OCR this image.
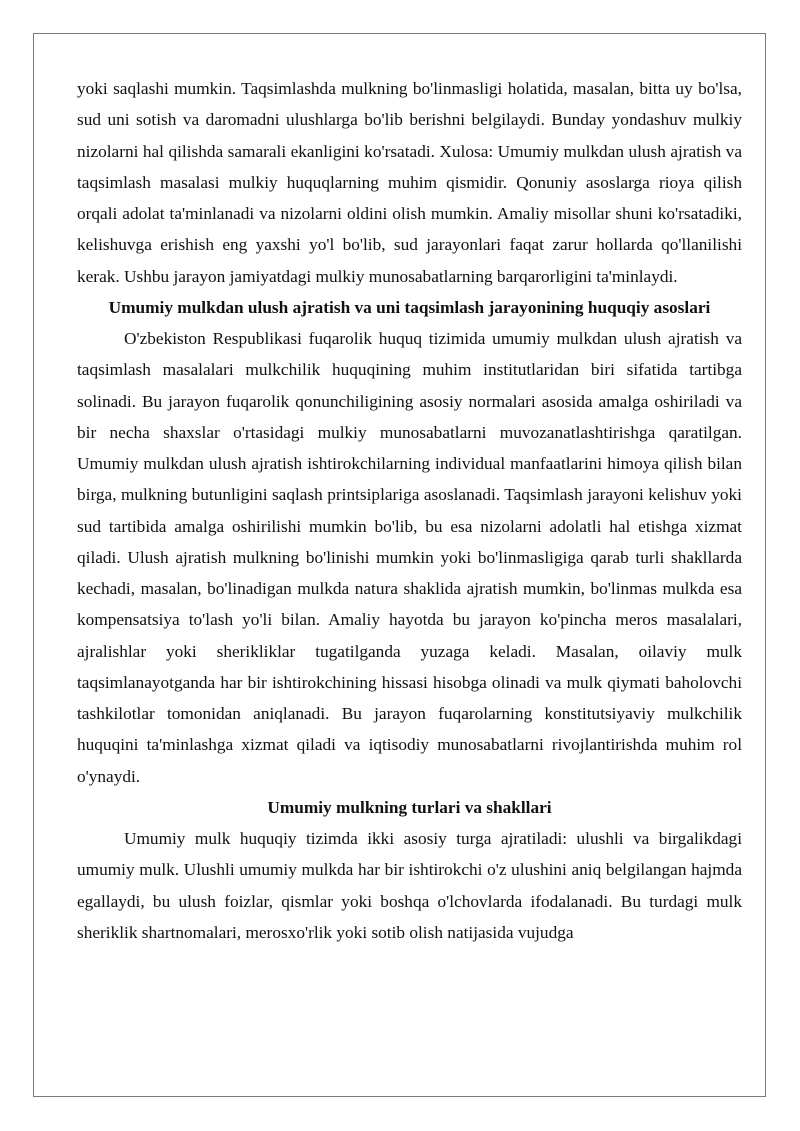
yoki saqlashi mumkin. Taqsimlashda mulkning bo'linmasligi holatida, masalan, bitta uy bo'lsa, sud uni sotish va daromadni ulushlarga bo'lib berishni belgilaydi. Bunday yondashuv mulkiy nizolarni hal qilishda samarali ekanligini ko'rsatadi. Xulosa: Umumiy mulkdan ulush ajratish va taqsimlash masalasi mulkiy huquqlarning muhim qismidir. Qonuniy asoslarga rioya qilish orqali adolat ta'minlanadi va nizolarni oldini olish mumkin. Amaliy misollar shuni ko'rsatadiki, kelishuvga erishish eng yaxshi yo'l bo'lib, sud jarayonlari faqat zarur hollarda qo'llanilishi kerak. Ushbu jarayon jamiyatdagi mulkiy munosabatlarning barqarorligini ta'minlaydi.

Umumiy mulkdan ulush ajratish va uni taqsimlash jarayonining huquqiy asoslari

O'zbekiston Respublikasi fuqarolik huquq tizimida umumiy mulkdan ulush ajratish va taqsimlash masalalari mulkchilik huquqining muhim institutlaridan biri sifatida tartibga solinadi. Bu jarayon fuqarolik qonunchiligining asosiy normalari asosida amalga oshiriladi va bir necha shaxslar o'rtasidagi mulkiy munosabatlarni muvozanatlashtirishga qaratilgan. Umumiy mulkdan ulush ajratish ishtirokchilarning individual manfaatlarini himoya qilish bilan birga, mulkning butunligini saqlash printsiplariga asoslanadi. Taqsimlash jarayoni kelishuv yoki sud tartibida amalga oshirilishi mumkin bo'lib, bu esa nizolarni adolatli hal etishga xizmat qiladi. Ulush ajratish mulkning bo'linishi mumkin yoki bo'linmasligiga qarab turli shakllarda kechadi, masalan, bo'linadigan mulkda natura shaklida ajratish mumkin, bo'linmas mulkda esa kompensatsiya to'lash yo'li bilan. Amaliy hayotda bu jarayon ko'pincha meros masalalari, ajralishlar yoki sherikliklar tugatilganda yuzaga keladi. Masalan, oilaviy mulk taqsimlanayotganda har bir ishtirokchining hissasi hisobga olinadi va mulk qiymati baholovchi tashkilotlar tomonidan aniqlanadi. Bu jarayon fuqarolarning konstitutsiyaviy mulkchilik huquqini ta'minlashga xizmat qiladi va iqtisodiy munosabatlarni rivojlantirishda muhim rol o'ynaydi.

Umumiy mulkning turlari va shakllari

Umumiy mulk huquqiy tizimda ikki asosiy turga ajratiladi: ulushli va birgalikdagi umumiy mulk. Ulushli umumiy mulkda har bir ishtirokchi o'z ulushini aniq belgilangan hajmda egallaydi, bu ulush foizlar, qismlar yoki boshqa o'lchovlarda ifodalanadi. Bu turdagi mulk sheriklik shartnomalari, merosxo'rlik yoki sotib olish natijasida vujudga
